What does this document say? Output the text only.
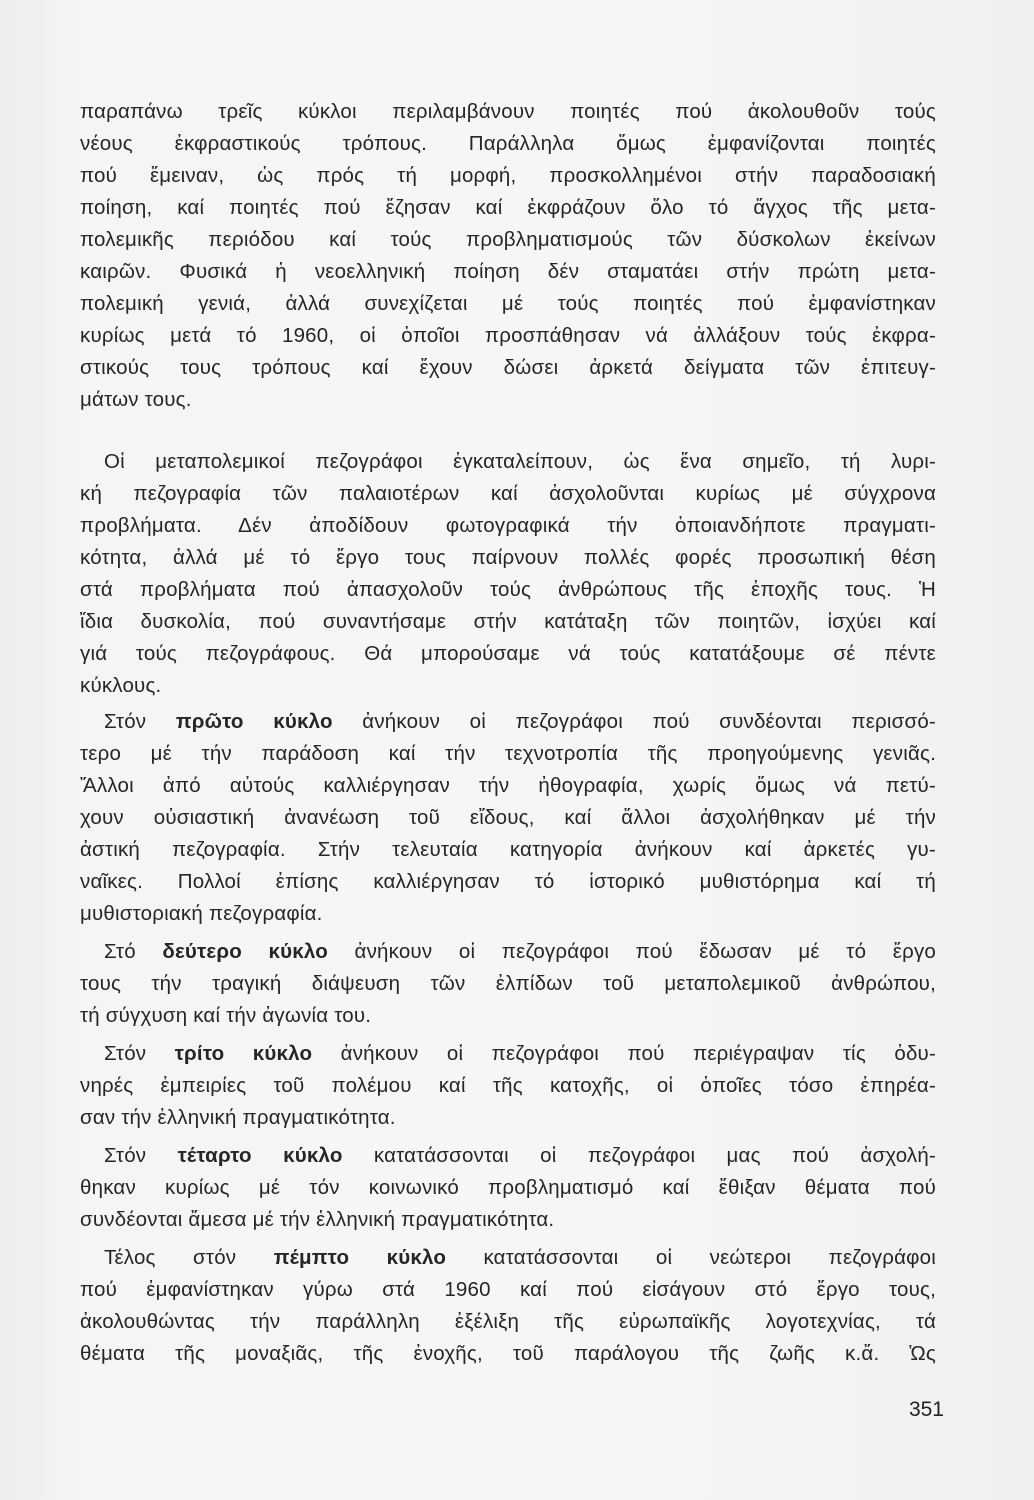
παραπάνω τρεῖς κύκλοι περιλαμβάνουν ποιητές πού ἀκολουθοῦν τούς
νέους ἐκφραστικούς τρόπους. Παράλληλα ὅμως ἐμφανίζονται ποιητές
πού ἔμειναν, ὡς πρός τή μορφή, προσκολλημένοι στήν παραδοσιακή
ποίηση, καί ποιητές πού ἔζησαν καί ἐκφράζουν ὅλο τό ἄγχος τῆς μετα-
πολεμικῆς περιόδου καί τούς προβληματισμούς τῶν δύσκολων ἐκείνων
καιρῶν. Φυσικά ἡ νεοελληνική ποίηση δέν σταματάει στήν πρώτη μετα-
πολεμική γενιά, ἀλλά συνεχίζεται μέ τούς ποιητές πού ἐμφανίστηκαν
κυρίως μετά τό 1960, οἱ ὁποῖοι προσπάθησαν νά ἀλλάξουν τούς ἐκφρα-
στικούς τους τρόπους καί ἔχουν δώσει ἀρκετά δείγματα τῶν ἐπιτευγ-
μάτων τους.
Οἱ μεταπολεμικοί πεζογράφοι ἐγκαταλείπουν, ὡς ἕνα σημεῖο, τή λυρι-
κή πεζογραφία τῶν παλαιοτέρων καί ἀσχολοῦνται κυρίως μέ σύγχρονα
προβλήματα. Δέν ἀποδίδουν φωτογραφικά τήν ὁποιανδήποτε πραγματι-
κότητα, ἀλλά μέ τό ἔργο τους παίρνουν πολλές φορές προσωπική θέση
στά προβλήματα πού ἀπασχολοῦν τούς ἀνθρώπους τῆς ἐποχῆς τους. Ἡ
ἴδια δυσκολία, πού συναντήσαμε στήν κατάταξη τῶν ποιητῶν, ἰσχύει καί
γιά τούς πεζογράφους. Θά μπορούσαμε νά τούς κατατάξουμε σέ πέντε
κύκλους.
Στόν πρῶτο κύκλο ἀνήκουν οἱ πεζογράφοι πού συνδέονται περισσό-
τερο μέ τήν παράδοση καί τήν τεχνοτροπία τῆς προηγούμενης γενιᾶς.
Ἄλλοι ἀπό αὐτούς καλλιέργησαν τήν ἠθογραφία, χωρίς ὅμως νά πετύ-
χουν οὐσιαστική ἀνανέωση τοῦ εἴδους, καί ἄλλοι ἀσχολήθηκαν μέ τήν
ἀστική πεζογραφία. Στήν τελευταία κατηγορία ἀνήκουν καί ἀρκετές γυ-
ναῖκες. Πολλοί ἐπίσης καλλιέργησαν τό ἱστορικό μυθιστόρημα καί τή
μυθιστοριακή πεζογραφία.
Στό δεύτερο κύκλο ἀνήκουν οἱ πεζογράφοι πού ἔδωσαν μέ τό ἔργο
τους τήν τραγική διάψευση τῶν ἐλπίδων τοῦ μεταπολεμικοῦ ἀνθρώπου,
τή σύγχυση καί τήν ἀγωνία του.
Στόν τρίτο κύκλο ἀνήκουν οἱ πεζογράφοι πού περιέγραψαν τίς ὀδυ-
νηρές ἐμπειρίες τοῦ πολέμου καί τῆς κατοχῆς, οἱ ὁποῖες τόσο ἐπηρέα-
σαν τήν ἑλληνική πραγματικότητα.
Στόν τέταρτο κύκλο κατατάσσονται οἱ πεζογράφοι μας πού ἀσχολή-
θηκαν κυρίως μέ τόν κοινωνικό προβληματισμό καί ἔθιξαν θέματα πού
συνδέονται ἄμεσα μέ τήν ἑλληνική πραγματικότητα.
Τέλος στόν πέμπτο κύκλο κατατάσσονται οἱ νεώτεροι πεζογράφοι
πού ἐμφανίστηκαν γύρω στά 1960 καί πού εἰσάγουν στό ἔργο τους,
ἀκολουθώντας τήν παράλληλη ἐξέλιξη τῆς εὐρωπαϊκῆς λογοτεχνίας, τά
θέματα τῆς μοναξιᾶς, τῆς ἐνοχῆς, τοῦ παράλογου τῆς ζωῆς κ.ἄ. Ὡς
351
